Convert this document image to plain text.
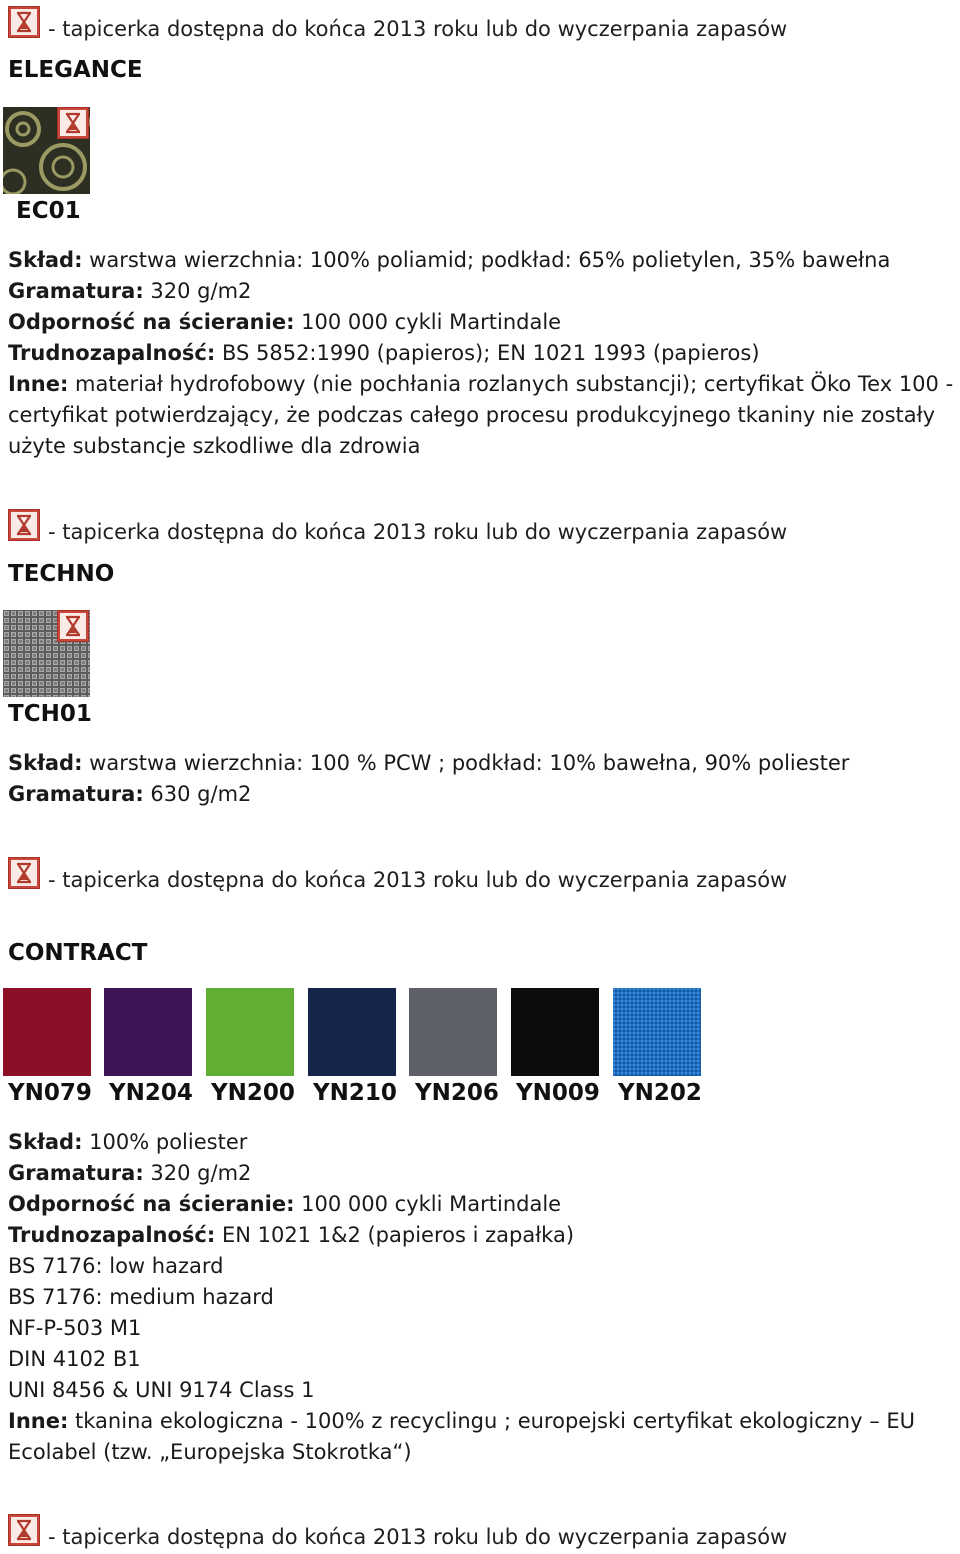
- tapicerka dostępna do końca 2013 roku lub do wyczerpania zapasów
ELEGANCE
EC01
Skład: warstwa wierzchnia: 100% poliamid; podkład: 65% polietylen, 35% bawełna
Gramatura: 320 g/m2
Odporność na ścieranie: 100 000 cykli Martindale
Trudnozapalność: BS 5852:1990 (papieros); EN 1021 1993 (papieros)
Inne: materiał hydrofobowy (nie pochłania rozlanych substancji); certyfikat Öko Tex 100 -
certyfikat potwierdzający, że podczas całego procesu produkcyjnego tkaniny nie zostały
użyte substancje szkodliwe dla zdrowia
- tapicerka dostępna do końca 2013 roku lub do wyczerpania zapasów
TECHNO
TCH01
Skład: warstwa wierzchnia: 100 % PCW ; podkład: 10% bawełna, 90% poliester
Gramatura: 630 g/m2
- tapicerka dostępna do końca 2013 roku lub do wyczerpania zapasów
CONTRACT
YN079 YN204 YN200 YN210 YN206 YN009 YN202
Skład: 100% poliester
Gramatura: 320 g/m2
Odporność na ścieranie: 100 000 cykli Martindale
Trudnozapalność: EN 1021 1&2 (papieros i zapałka)
BS 7176: low hazard
BS 7176: medium hazard
NF-P-503 M1
DIN 4102 B1
UNI 8456 & UNI 9174 Class 1
Inne: tkanina ekologiczna - 100% z recyclingu ; europejski certyfikat ekologiczny – EU
Ecolabel (tzw. „Europejska Stokrotka“)
- tapicerka dostępna do końca 2013 roku lub do wyczerpania zapasów
